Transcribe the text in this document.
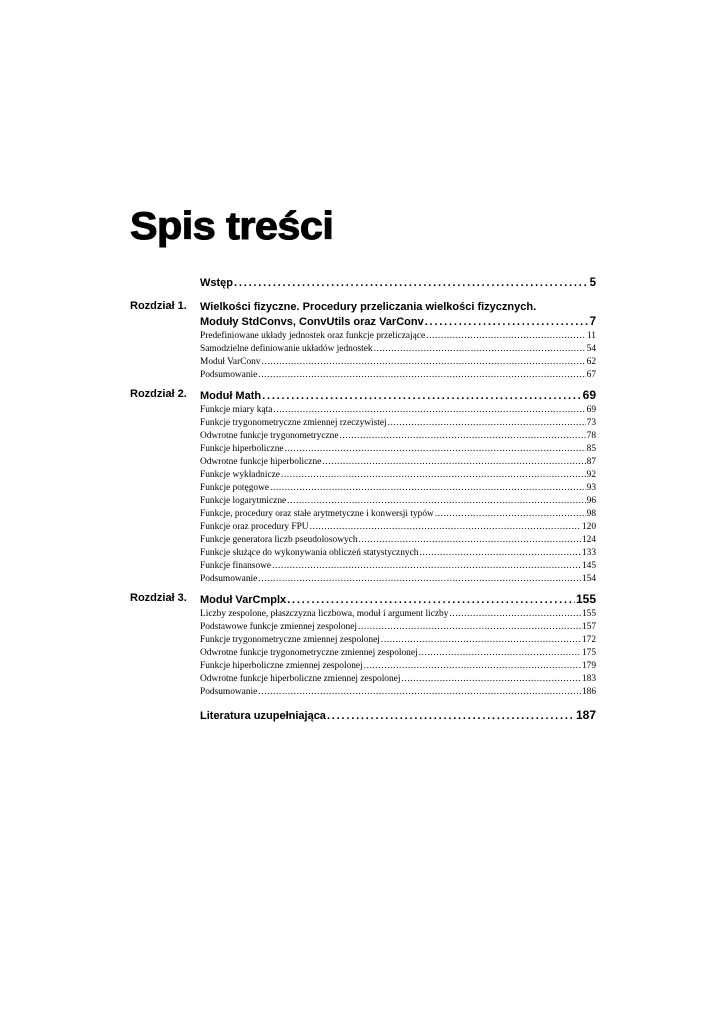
Spis treści
Wstęp .....	5
Rozdział 1.	Wielkości fizyczne. Procedury przeliczania wielkości fizycznych.
Moduły StdConvs, ConvUtils oraz VarConv .....	7
Predefiniowane układy jednostek oraz funkcje przeliczające .....	11
Samodzielne definiowanie układów jednostek .....	54
Moduł VarConv .....	62
Podsumowanie .....	67
Rozdział 2.	Moduł Math .....	69
Funkcje miary kąta .....	69
Funkcje trygonometryczne zmiennej rzeczywistej .....	73
Odwrotne funkcje trygonometryczne .....	78
Funkcje hiperboliczne .....	85
Odwrotne funkcje hiperboliczne .....	87
Funkcje wykładnicze .....	92
Funkcje potęgowe .....	93
Funkcje logarytmiczne .....	96
Funkcje, procedury oraz stałe arytmetyczne i konwersji typów .....	98
Funkcje oraz procedury FPU .....	120
Funkcje generatora liczb pseudolosowych .....	124
Funkcje służące do wykonywania obliczeń statystycznych .....	133
Funkcje finansowe .....	145
Podsumowanie .....	154
Rozdział 3.	Moduł VarCmplx .....	155
Liczby zespolone, płaszczyzna liczbowa, moduł i argument liczby .....	155
Podstawowe funkcje zmiennej zespolonej .....	157
Funkcje trygonometryczne zmiennej zespolonej .....	172
Odwrotne funkcje trygonometryczne zmiennej zespolonej .....	175
Funkcje hiperboliczne zmiennej zespolonej .....	179
Odwrotne funkcje hiperboliczne zmiennej zespolonej .....	183
Podsumowanie .....	186
Literatura uzupełniająca .....	187
